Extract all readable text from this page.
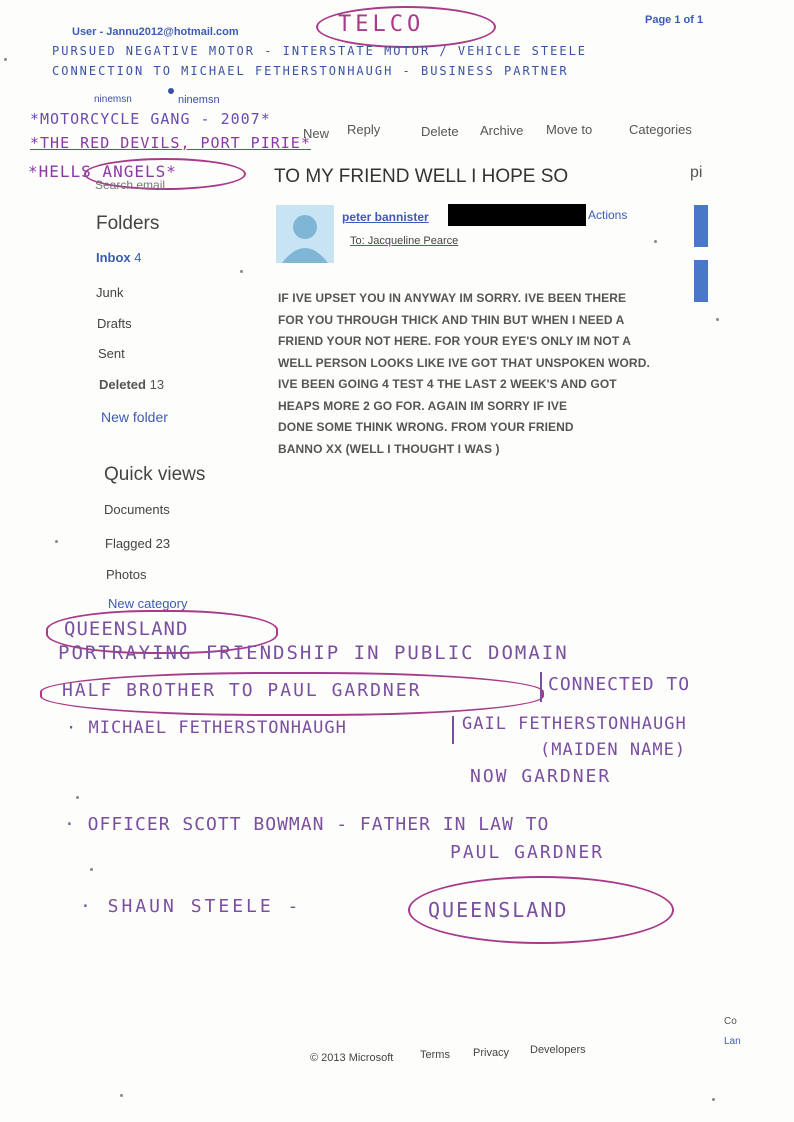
User - Jannu2012@hotmail.com
Page 1 of 1
TELCO
PURSUED NEGATIVE MOTOR - INTERSTATE MOTOR / VEHICLE STEELE
CONNECTION TO MICHAEL FETHERSTONHAUGH - BUSINESS PARTNER
ninemsn	ninemsn
*MOTORCYCLE GANG - 2007*
*THE RED DEVILS, PORT PIRIE*
*HELLS ANGELS*
Search email
New Reply	Delete Archive Move to	Categories
TO MY FRIEND WELL I HOPE SO	pi
peter bannister	Actions
To: Jacqueline Pearce
IF IVE UPSET YOU IN ANYWAY IM SORRY. IVE BEEN THERE
FOR YOU THROUGH THICK AND THIN BUT WHEN I NEED A
FRIEND YOUR NOT HERE. FOR YOUR EYE'S ONLY IM NOT A
WELL PERSON LOOKS LIKE IVE GOT THAT UNSPOKEN WORD.
IVE BEEN GOING 4 TEST 4 THE LAST 2 WEEK'S AND GOT
HEAPS MORE 2 GO FOR. AGAIN IM SORRY IF IVE
DONE SOME THINK WRONG. FROM YOUR FRIEND
BANNO XX (WELL I THOUGHT I WAS )
Folders
Inbox 4
Junk
Drafts
Sent
Deleted 13
New folder
Quick views
Documents
Flagged 23
Photos
New category
QUEENSLAND
PORTRAYING FRIENDSHIP IN PUBLIC DOMAIN
HALF BROTHER TO PAUL GARDNER	CONNECTED TO
· MICHAEL FETHERSTONHAUGH	GAIL FETHERSTONHAUGH
(MAIDEN NAME)
NOW GARDNER
· OFFICER SCOTT BOWMAN - FATHER IN LAW TO
PAUL GARDNER
· SHAUN STEELE -	QUEENSLAND
© 2013 Microsoft Terms Privacy Developers
Co
Lan
